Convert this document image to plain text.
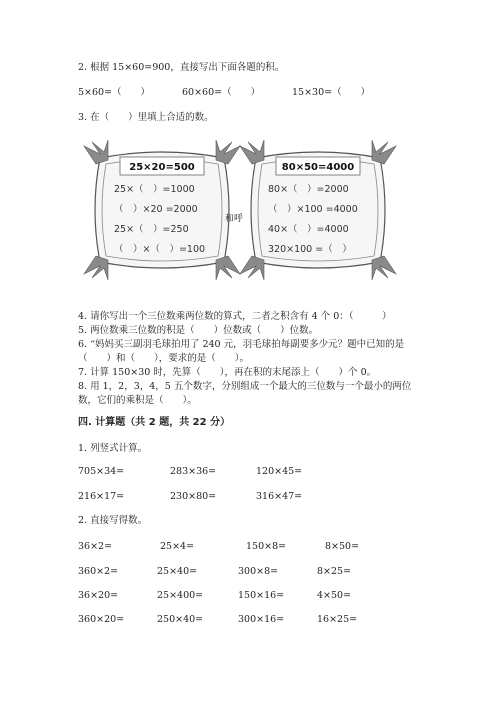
2. 根据 15×60=900，直接写出下面各题的积。
5×60=（　　）	60×60=（　　）	15×30=（　　）
3. 在（　　）里填上合适的数。
25×20=500
25×（　）=1000
（　）×20 =2000
25×（　）=250
（　）×（　）=100
和呼
80×50=4000
80×（　）=2000
（　）×100 =4000
40×（　）=4000
320×100 =（　）
4. 请你写出一个三位数乘两位数的算式，二者之积含有 4 个 0：（　　　）
5. 两位数乘三位数的积是（　　）位数或（　　）位数。
6. “妈妈买三副羽毛球拍用了 240 元，羽毛球拍每副要多少元？题中已知的是
（　　）和（　　），要求的是（　　）。
7. 计算 150×30 时，先算（　　），再在积的末尾添上（　　）个 0。
8. 用 1，2，3，4，5 五个数字，分别组成一个最大的三位数与一个最小的两位
数，它们的乘积是（　　）。
四. 计算题（共 2 题，共 22 分）
1. 列竖式计算。
705×34=	283×36=	120×45=
216×17=	230×80=	316×47=
2. 直接写得数。
36×2=	25×4=	150×8=	8×50=
360×2=	25×40=	300×8=	8×25=
36×20=	25×400=	150×16=	4×50=
360×20=	250×40=	300×16=	16×25=
